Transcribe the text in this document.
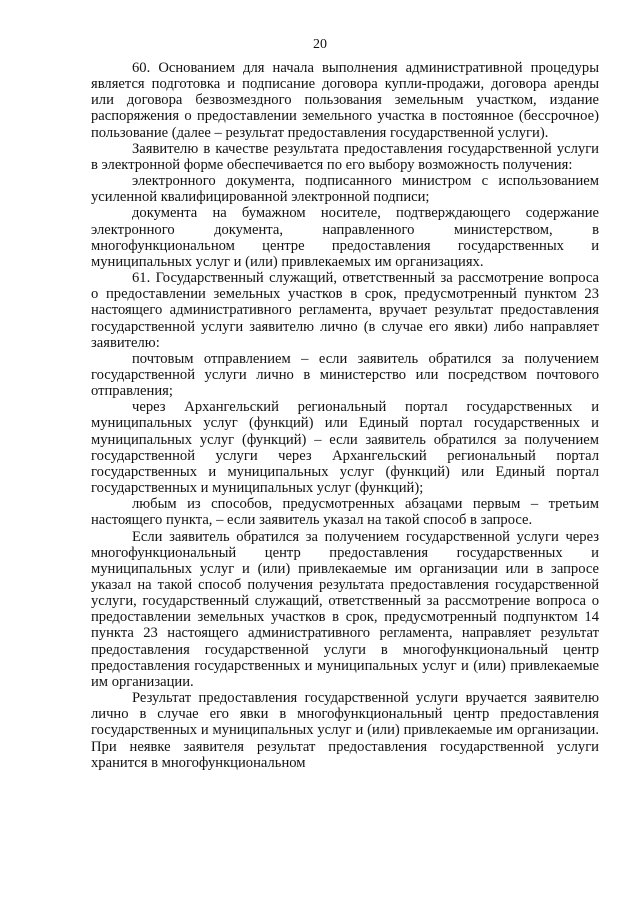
20

60. Основанием для начала выполнения административной процедуры является подготовка и подписание договора купли-продажи, договора аренды или договора безвозмездного пользования земельным участком, издание распоряжения о предоставлении земельного участка в постоянное (бессрочное) пользование (далее – результат предоставления государственной услуги).

Заявителю в качестве результата предоставления государственной услуги в электронной форме обеспечивается по его выбору возможность получения:

электронного документа, подписанного министром с использованием усиленной квалифицированной электронной подписи;

документа на бумажном носителе, подтверждающего содержание электронного документа, направленного министерством, в многофункциональном центре предоставления государственных и муниципальных услуг и (или) привлекаемых им организациях.

61. Государственный служащий, ответственный за рассмотрение вопроса о предоставлении земельных участков в срок, предусмотренный пунктом 23 настоящего административного регламента, вручает результат предоставления государственной услуги заявителю лично (в случае его явки) либо направляет заявителю:

почтовым отправлением – если заявитель обратился за получением государственной услуги лично в министерство или посредством почтового отправления;

через Архангельский региональный портал государственных и муниципальных услуг (функций) или Единый портал государственных и муниципальных услуг (функций) – если заявитель обратился за получением государственной услуги через Архангельский региональный портал государственных и муниципальных услуг (функций) или Единый портал государственных и муниципальных услуг (функций);

любым из способов, предусмотренных абзацами первым – третьим настоящего пункта, – если заявитель указал на такой способ в запросе.

Если заявитель обратился за получением государственной услуги через многофункциональный центр предоставления государственных и муниципальных услуг и (или) привлекаемые им организации или в запросе указал на такой способ получения результата предоставления государственной услуги, государственный служащий, ответственный за рассмотрение вопроса о предоставлении земельных участков в срок, предусмотренный подпунктом 14 пункта 23 настоящего административного регламента, направляет результат предоставления государственной услуги в многофункциональный центр предоставления государственных и муниципальных услуг и (или) привлекаемые им организации.

Результат предоставления государственной услуги вручается заявителю лично в случае его явки в многофункциональный центр предоставления государственных и муниципальных услуг и (или) привлекаемые им организации. При неявке заявителя результат предоставления государственной услуги хранится в многофункциональном
